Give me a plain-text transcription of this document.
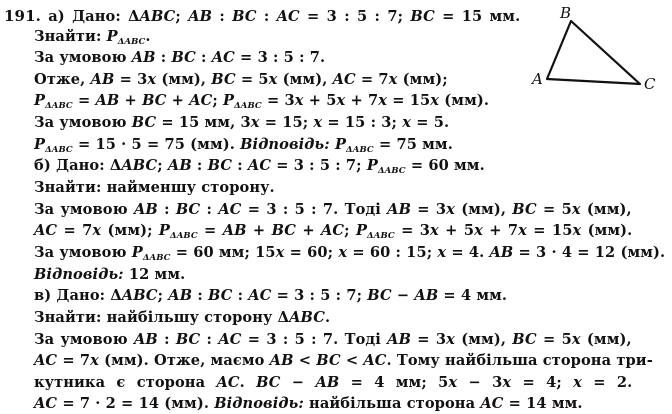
191. а) Дано: ΔABC; AB : BC : AC = 3 : 5 : 7; BC = 15 мм.
Знайти: $P_{\Delta ABC}$.
За умовою AB : BC : AC = 3 : 5 : 7.
Отже, AB = 3x (мм), BC = 5x (мм), AC = 7x (мм);
$P_{\Delta ABC}$ = AB + BC + AC; $P_{\Delta ABC} = 3x + 5x + 7x = 15x$ (мм).
За умовою BC = 15 мм, 3x = 15; x = 15 : 3; x = 5.
$P_{\Delta ABC} = 15 \cdot 5 = 75$ (мм). Відповідь: $P_{\Delta ABC} = 75$ мм.
б) Дано: ΔABC; AB : BC : AC = 3 : 5 : 7; $P_{\Delta ABC} = 60$ мм.
Знайти: найменшу сторону.
За умовою AB : BC : AC = 3 : 5 : 7. Тоді AB = 3x (мм), BC = 5x (мм),
AC = 7x (мм); $P_{\Delta ABC}$ = AB + BC + AC; $P_{\Delta ABC} = 3x + 5x + 7x = 15x$ (мм).
За умовою $P_{\Delta ABC} = 60$ мм; 15x = 60; x = 60 : 15; x = 4. AB = 3 · 4 = 12 (мм).
Відповідь: 12 мм.
в) Дано: ΔABC; AB : BC : AC = 3 : 5 : 7; BC − AB = 4 мм.
Знайти: найбільшу сторону ΔABC.
За умовою AB : BC : AC = 3 : 5 : 7. Тоді AB = 3x (мм), BC = 5x (мм),
AC = 7x (мм). Отже, маємо AB < BC < AC. Тому найбільша сторона три-
кутника є сторона AC. BC − AB = 4 мм; 5x − 3x = 4; x = 2.
AC = 7 · 2 = 14 (мм). Відповідь: найбільша сторона AC = 14 мм.
A
B
C
